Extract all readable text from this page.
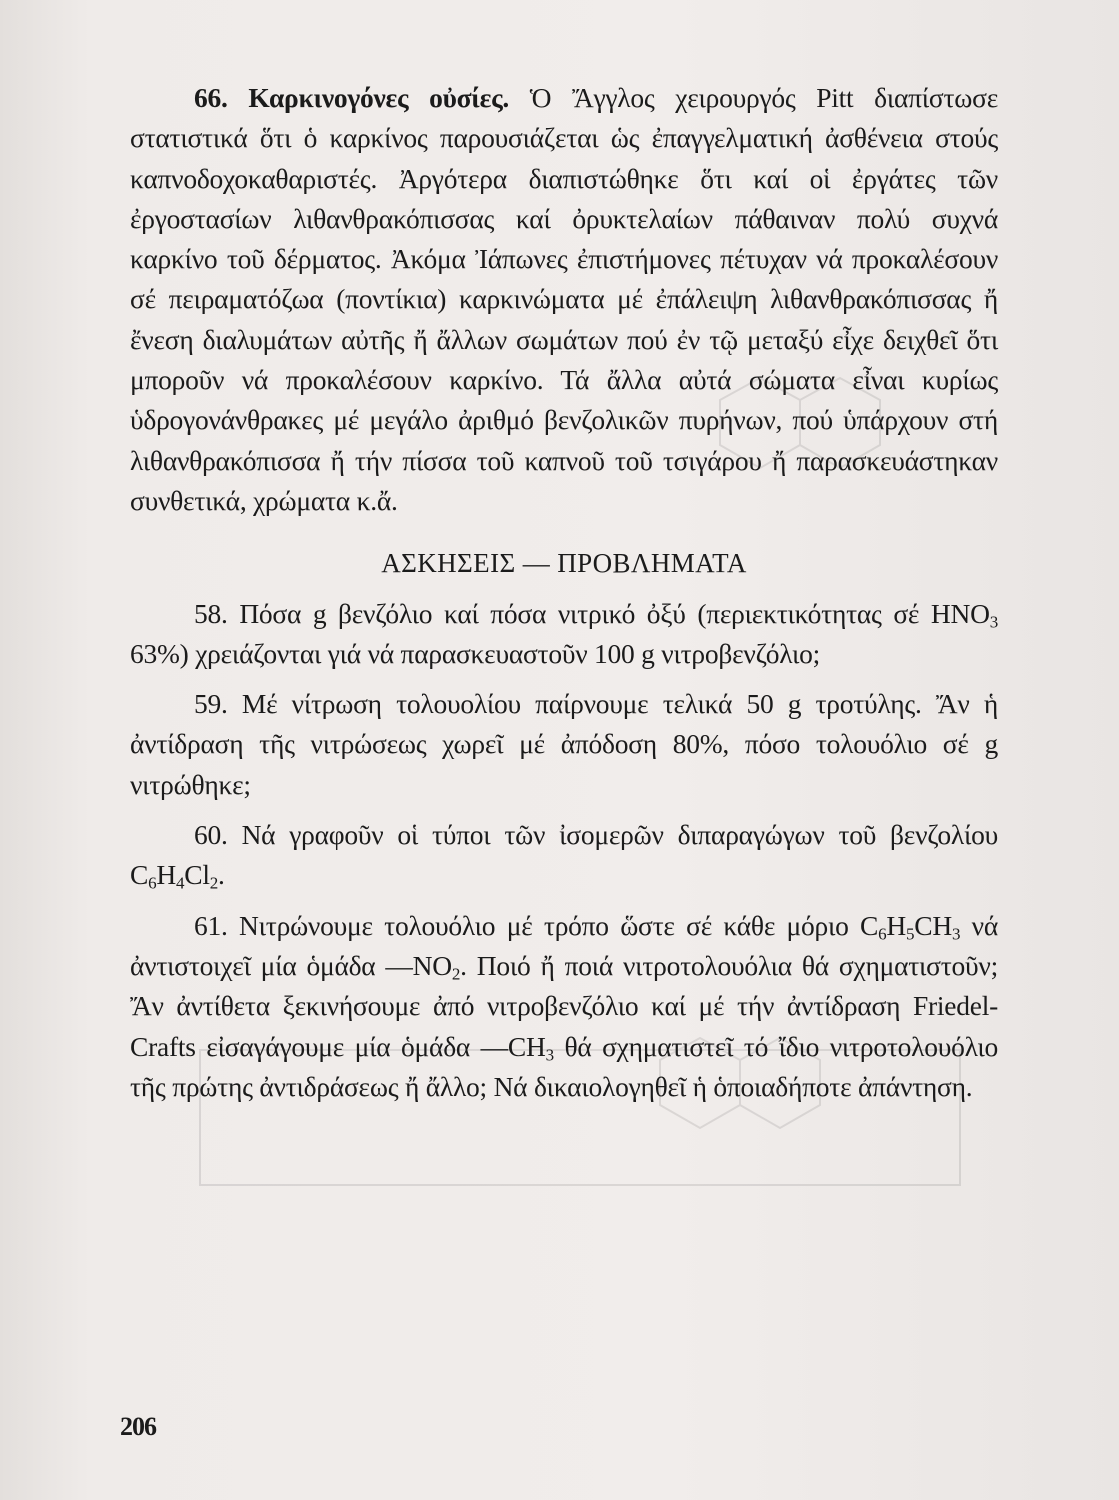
66. Καρκινογόνες οὐσίες. Ὁ Ἄγγλος χειρουργός Pitt διαπίστωσε στατιστικά ὅτι ὁ καρκίνος παρουσιάζεται ὡς ἐπαγγελματική ἀσθένεια στούς καπνοδοχοκαθαριστές. Ἀργότερα διαπιστώθηκε ὅτι καί οἱ ἐργάτες τῶν ἐργοστασίων λιθανθρακόπισσας καί ὀρυκτελαίων πάθαιναν πολύ συχνά καρκίνο τοῦ δέρματος. Ἀκόμα Ἰάπωνες ἐπιστήμονες πέτυχαν νά προκαλέσουν σέ πειραματόζωα (ποντίκια) καρκινώματα μέ ἐπάλειψη λιθανθρακόπισσας ἤ ἔνεση διαλυμάτων αὐτῆς ἤ ἄλλων σωμάτων πού ἐν τῷ μεταξύ εἶχε δειχθεῖ ὅτι μποροῦν νά προκαλέσουν καρκίνο. Τά ἄλλα αὐτά σώματα εἶναι κυρίως ὑδρογονάνθρακες μέ μεγάλο ἀριθμό βενζολικῶν πυρήνων, πού ὑπάρχουν στή λιθανθρακόπισσα ἤ τήν πίσσα τοῦ καπνοῦ τοῦ τσιγάρου ἤ παρασκευάστηκαν συνθετικά, χρώματα κ.ἄ.

ΑΣΚΗΣΕΙΣ — ΠΡΟΒΛΗΜΑΤΑ

58. Πόσα g βενζόλιο καί πόσα νιτρικό ὀξύ (περιεκτικότητας σέ $HNO_3$ 63%) χρειάζονται γιά νά παρασκευαστοῦν 100 g νιτροβενζόλιο;

59. Μέ νίτρωση τολουολίου παίρνουμε τελικά 50 g τροτύλης. Ἄν ἡ ἀντίδραση τῆς νιτρώσεως χωρεῖ μέ ἀπόδοση 80%, πόσο τολουόλιο σέ g νιτρώθηκε;

60. Νά γραφοῦν οἱ τύποι τῶν ἰσομερῶν διπαραγώγων τοῦ βενζολίου $C_6H_4Cl_2$.

61. Νιτρώνουμε τολουόλιο μέ τρόπο ὥστε σέ κάθε μόριο $C_6H_5CH_3$ νά ἀντιστοιχεῖ μία ὁμάδα $—NO_2$. Ποιό ἤ ποιά νιτροτολουόλια θά σχηματιστοῦν; Ἄν ἀντίθετα ξεκινήσουμε ἀπό νιτροβενζόλιο καί μέ τήν ἀντίδραση Friedel-Crafts εἰσαγάγουμε μία ὁμάδα $—CH_3$ θά σχηματιστεῖ τό ἴδιο νιτροτολουόλιο τῆς πρώτης ἀντιδράσεως ἤ ἄλλο; Νά δικαιολογηθεῖ ἡ ὁποιαδήποτε ἀπάντηση.

206
